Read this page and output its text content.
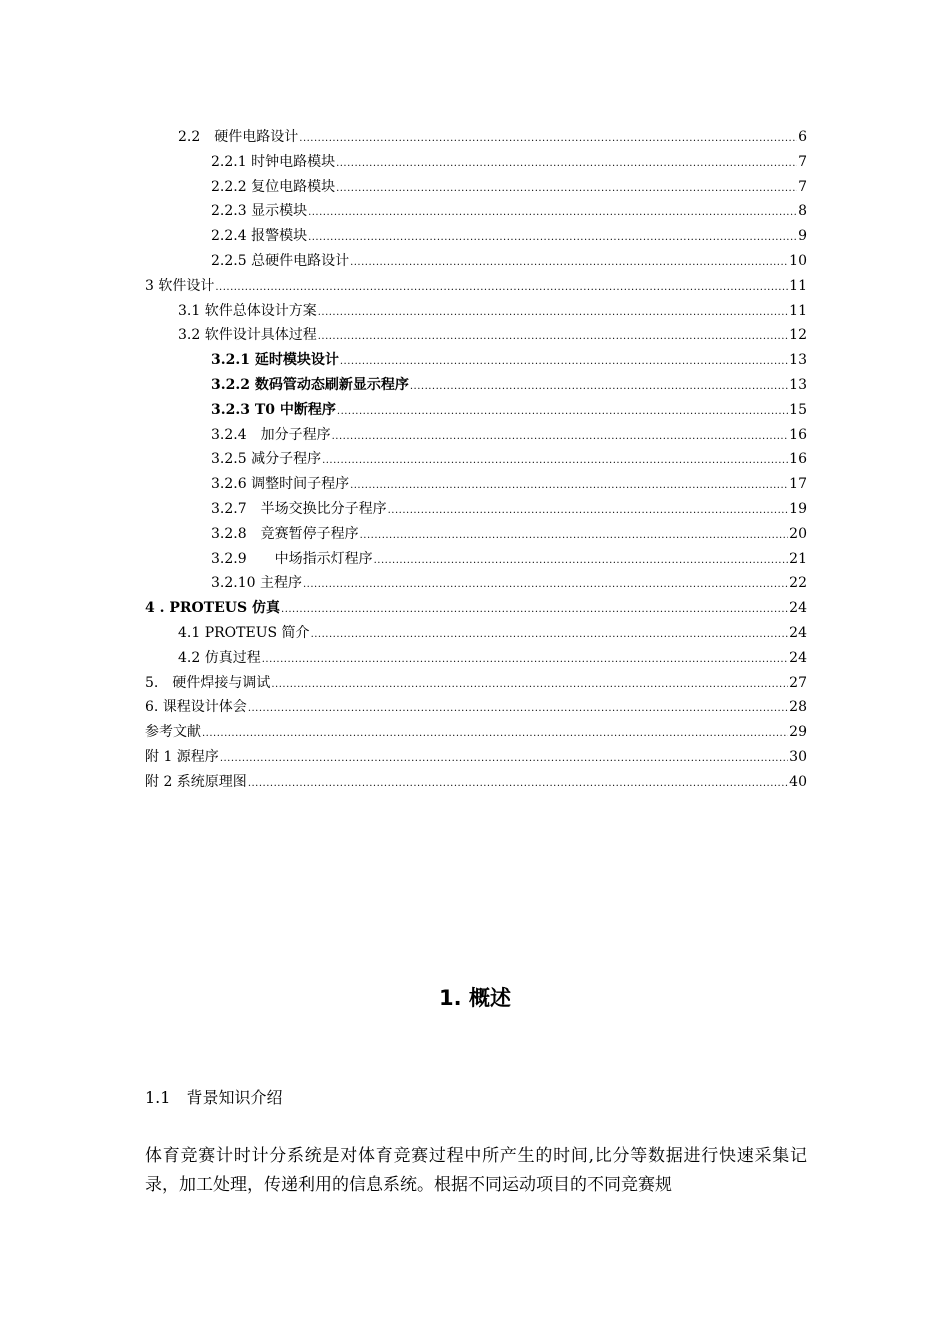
2.2　硬件电路设计 .....	6
2.2.1 时钟电路模块 .....	7
2.2.2 复位电路模块 .....	7
2.2.3 显示模块 .....	8
2.2.4 报警模块 .....	9
2.2.5 总硬件电路设计 .....	10
3 软件设计 .....	11
3.1 软件总体设计方案 .....	11
3.2 软件设计具体过程 .....	12
3.2.1 延时模块设计 .....	13
3.2.2 数码管动态刷新显示程序 .....	13
3.2.3 T0 中断程序 .....	15
3.2.4　加分子程序 .....	16
3.2.5 减分子程序 .....	16
3.2.6 调整时间子程序 .....	17
3.2.7　半场交换比分子程序 .....	19
3.2.8　竞赛暂停子程序 .....	20
3.2.9　　中场指示灯程序 .....	21
3.2.10 主程序 .....	22
4 . PROTEUS 仿真 .....	24
4.1 PROTEUS 简介 .....	24
4.2 仿真过程 .....	24
5.　硬件焊接与调试 .....	27
6. 课程设计体会 .....	28
参考文献 .....	29
附 1 源程序 .....	30
附 2 系统原理图 .....	40
1. 概述
1.1　背景知识介绍
体育竞赛计时计分系统是对体育竞赛过程中所产生的时间,比分等数据进行快速采集记录，加工处理，传递利用的信息系统。根据不同运动项目的不同竞赛规
